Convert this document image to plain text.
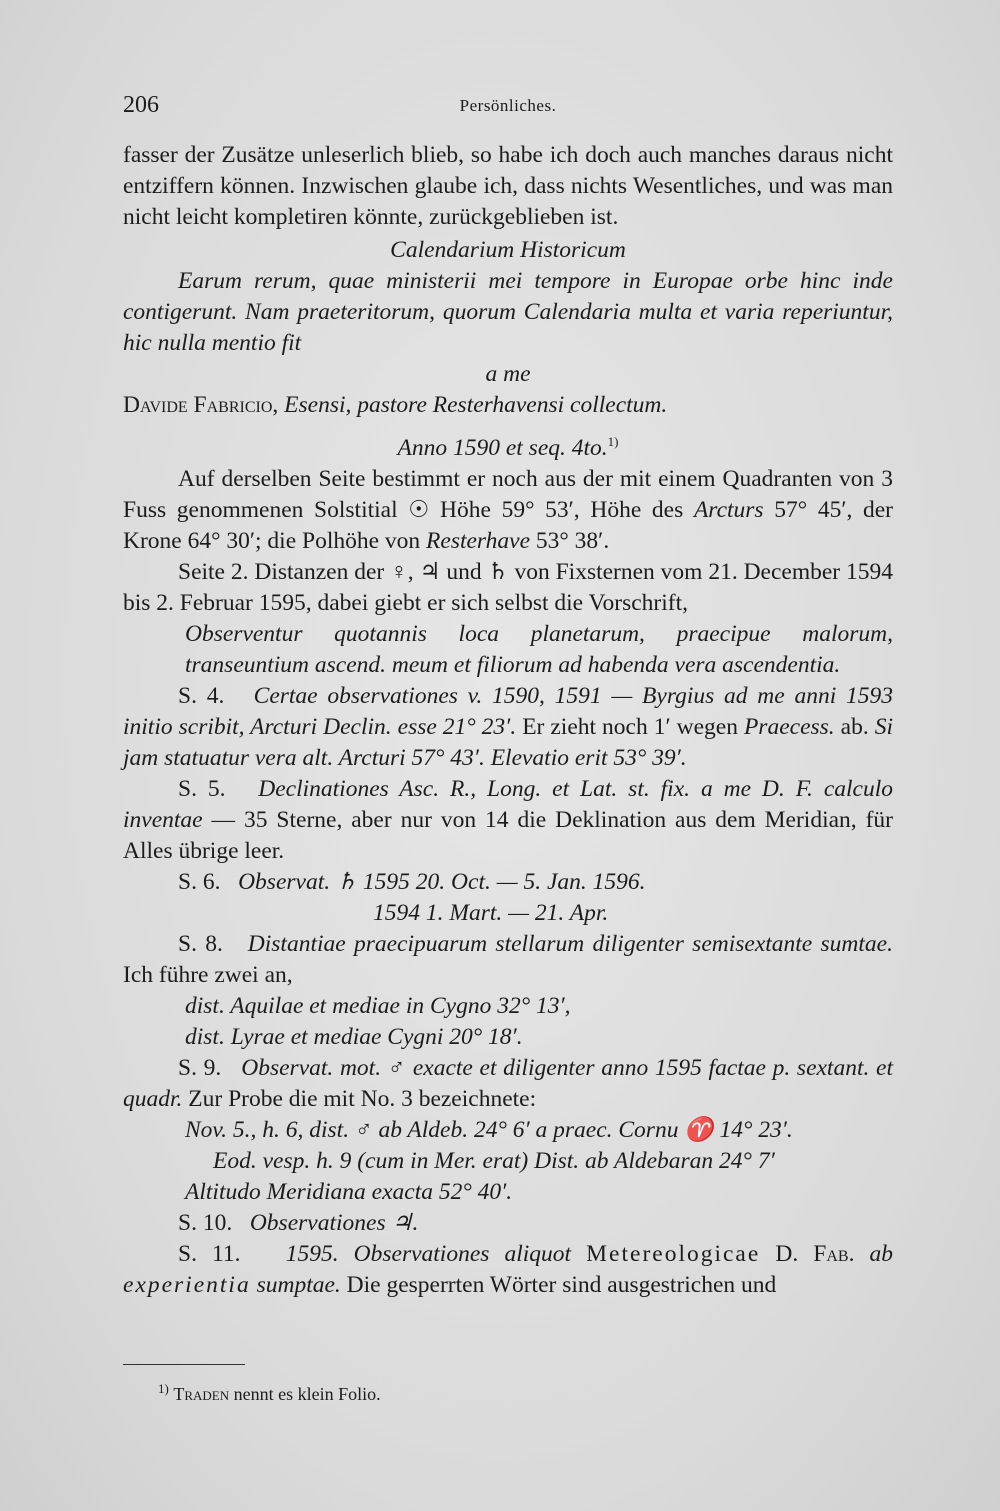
206	Persönliches.

fasser der Zusätze unleserlich blieb, so habe ich doch auch manches daraus nicht entziffern können. Inzwischen glaube ich, dass nichts Wesentliches, und was man nicht leicht kompletiren könnte, zurückgeblieben ist.

Calendarium Historicum

Earum rerum, quae ministerii mei tempore in Europae orbe hinc inde contigerunt. Nam praeteritorum, quorum Calendaria multa et varia reperiuntur, hic nulla mentio fit

a me

Davide Fabricio, Esensi, pastore Resterhavensi collectum.

Anno 1590 et seq. 4to.$^{1)}$

Auf derselben Seite bestimmt er noch aus der mit einem Quadranten von 3 Fuss genommenen Solstitial ☉ Höhe 59° 53′, Höhe des Arcturs 57° 45′, der Krone 64° 30′; die Polhöhe von Resterhave 53° 38′.

Seite 2. Distanzen der ♀, ♃ und ♄ von Fixsternen vom 21. December 1594 bis 2. Februar 1595, dabei giebt er sich selbst die Vorschrift,

Observentur quotannis loca planetarum, praecipue malorum, transeuntium ascend. meum et filiorum ad habenda vera ascendentia.

S. 4. Certae observationes v. 1590, 1591 — Byrgius ad me anni 1593 initio scribit, Arcturi Declin. esse 21° 23′. Er zieht noch 1′ wegen Praecess. ab. Si jam statuatur vera alt. Arcturi 57° 43′. Elevatio erit 53° 39′.

S. 5. Declinationes Asc. R., Long. et Lat. st. fix. a me D. F. calculo inventae — 35 Sterne, aber nur von 14 die Deklination aus dem Meridian, für Alles übrige leer.

S. 6. Observat. ♄ 1595 20. Oct. — 5. Jan. 1596.

1594 1. Mart. — 21. Apr.

S. 8. Distantiae praecipuarum stellarum diligenter semisextante sumtae. Ich führe zwei an,

dist. Aquilae et mediae in Cygno 32° 13′,

dist. Lyrae et mediae Cygni 20° 18′.

S. 9. Observat. mot. ♂ exacte et diligenter anno 1595 factae p. sextant. et quadr. Zur Probe die mit No. 3 bezeichnete:

Nov. 5., h. 6, dist. ♂ ab Aldeb. 24° 6′ a praec. Cornu ♈ 14° 23′.

Eod. vesp. h. 9 (cum in Mer. erat) Dist. ab Aldebaran 24° 7′

Altitudo Meridiana exacta 52° 40′.

S. 10. Observationes ♃.

S. 11. 1595. Observationes aliquot Metereologicae D. Fab. ab experientia sumptae. Die gesperrten Wörter sind ausgestrichen und

$^{1)}$ Traden nennt es klein Folio.
